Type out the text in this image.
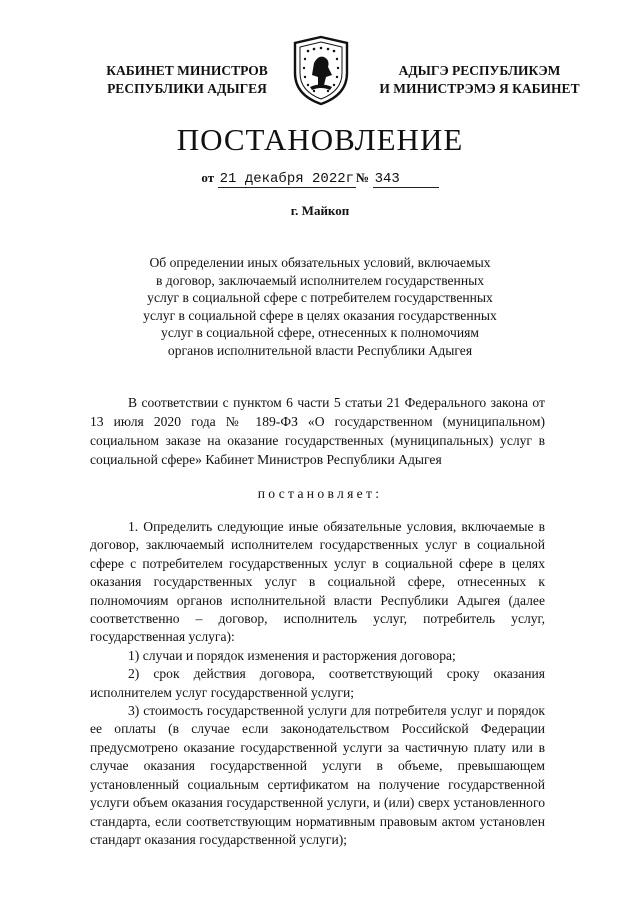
КАБИНЕТ МИНИСТРОВ
РЕСПУБЛИКИ АДЫГЕЯ
АДЫГЭ РЕСПУБЛИКЭМ
И МИНИСТРЭМЭ Я КАБИНЕТ
ПОСТАНОВЛЕНИЕ
от 21 декабря 2022г № 343
г. Майкоп
Об определении иных обязательных условий, включаемых
в договор, заключаемый исполнителем государственных
услуг в социальной сфере с потребителем государственных
услуг в социальной сфере в целях оказания государственных
услуг в социальной сфере, отнесенных к полномочиям
органов исполнительной власти Республики Адыгея
В соответствии с пунктом 6 части 5 статьи 21 Федерального закона от 13 июля 2020 года № 189-ФЗ «О государственном (муниципальном) социальном заказе на оказание государственных (муниципальных) услуг в социальной сфере» Кабинет Министров Республики Адыгея
постановляет:

1. Определить следующие иные обязательные условия, включаемые в договор, заключаемый исполнителем государственных услуг в социальной сфере с потребителем государственных услуг в социальной сфере в целях оказания государственных услуг в социальной сфере, отнесенных к полномочиям органов исполнительной власти Республики Адыгея (далее соответственно – договор, исполнитель услуг, потребитель услуг, государственная услуга):

1) случаи и порядок изменения и расторжения договора;

2) срок действия договора, соответствующий сроку оказания исполнителем услуг государственной услуги;

3) стоимость государственной услуги для потребителя услуг и порядок ее оплаты (в случае если законодательством Российской Федерации предусмотрено оказание государственной услуги за частичную плату или в случае оказания государственной услуги в объеме, превышающем установленный социальным сертификатом на получение государственной услуги объем оказания государственной услуги, и (или) сверх установленного стандарта, если соответствующим нормативным правовым актом установлен стандарт оказания государственной услуги);
